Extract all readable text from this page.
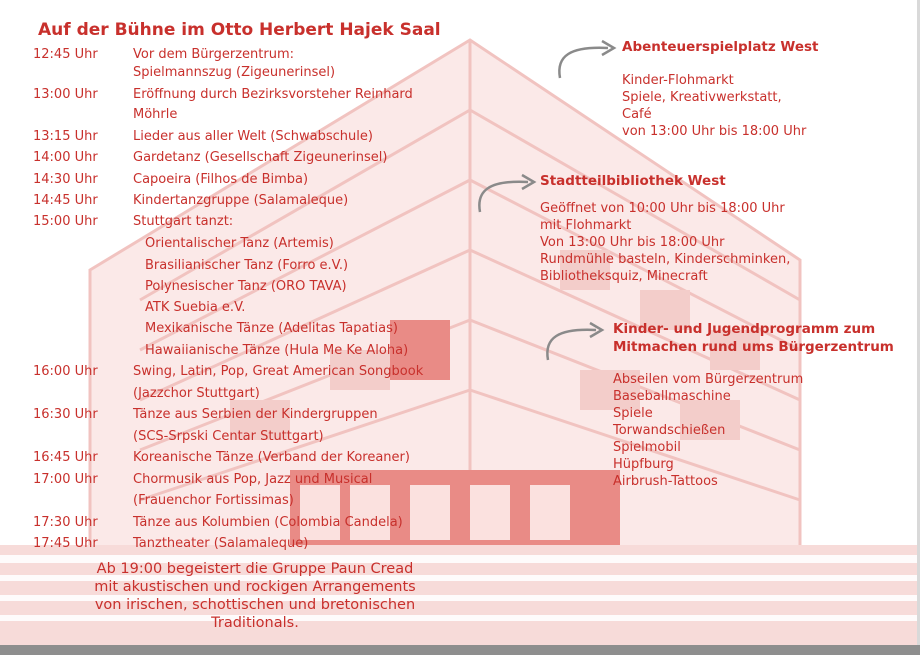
Auf der Bühne im Otto Herbert Hajek Saal
12:45 Uhr	Vor dem Bürgerzentrum:
Spielmannszug (Zigeunerinsel)
13:00 Uhr	Eröffnung durch Bezirksvorsteher Reinhard
Möhrle
13:15 Uhr	Lieder aus aller Welt (Schwabschule)
14:00 Uhr	Gardetanz (Gesellschaft Zigeunerinsel)
14:30 Uhr	Capoeira (Filhos de Bimba)
14:45 Uhr	Kindertanzgruppe (Salamaleque)
15:00 Uhr	Stuttgart tanzt:
Orientalischer Tanz (Artemis)
Brasilianischer Tanz (Forro e.V.)
Polynesischer Tanz (ORO TAVA)
ATK Suebia e.V.
Mexikanische Tänze (Adelitas Tapatias)
Hawaiianische Tänze (Hula Me Ke Aloha)
16:00 Uhr	Swing, Latin, Pop, Great American Songbook
(Jazzchor Stuttgart)
16:30 Uhr	Tänze aus Serbien der Kindergruppen
(SCS-Srpski Centar Stuttgart)
16:45 Uhr	Koreanische Tänze (Verband der Koreaner)
17:00 Uhr	Chormusik aus Pop, Jazz und Musical
(Frauenchor Fortissimas)
17:30 Uhr	Tänze aus Kolumbien (Colombia Candela)
17:45 Uhr	Tanztheater (Salamaleque)
Ab 19:00 begeistert die Gruppe Paun Cread
mit akustischen und rockigen Arrangements
von irischen, schottischen und bretonischen
Traditionals.
Abenteuerspielplatz West
Kinder-Flohmarkt
Spiele, Kreativwerkstatt,
Café
von 13:00 Uhr bis 18:00 Uhr
Stadtteilbibliothek West
Geöffnet von 10:00 Uhr bis 18:00 Uhr
mit Flohmarkt
Von 13:00 Uhr bis 18:00 Uhr
Rundmühle basteln, Kinderschminken,
Bibliotheksquiz, Minecraft
Kinder- und Jugendprogramm zum
Mitmachen rund ums Bürgerzentrum
Abseilen vom Bürgerzentrum
Baseballmaschine
Spiele
Torwandschießen
Spielmobil
Hüpfburg
Airbrush-Tattoos
